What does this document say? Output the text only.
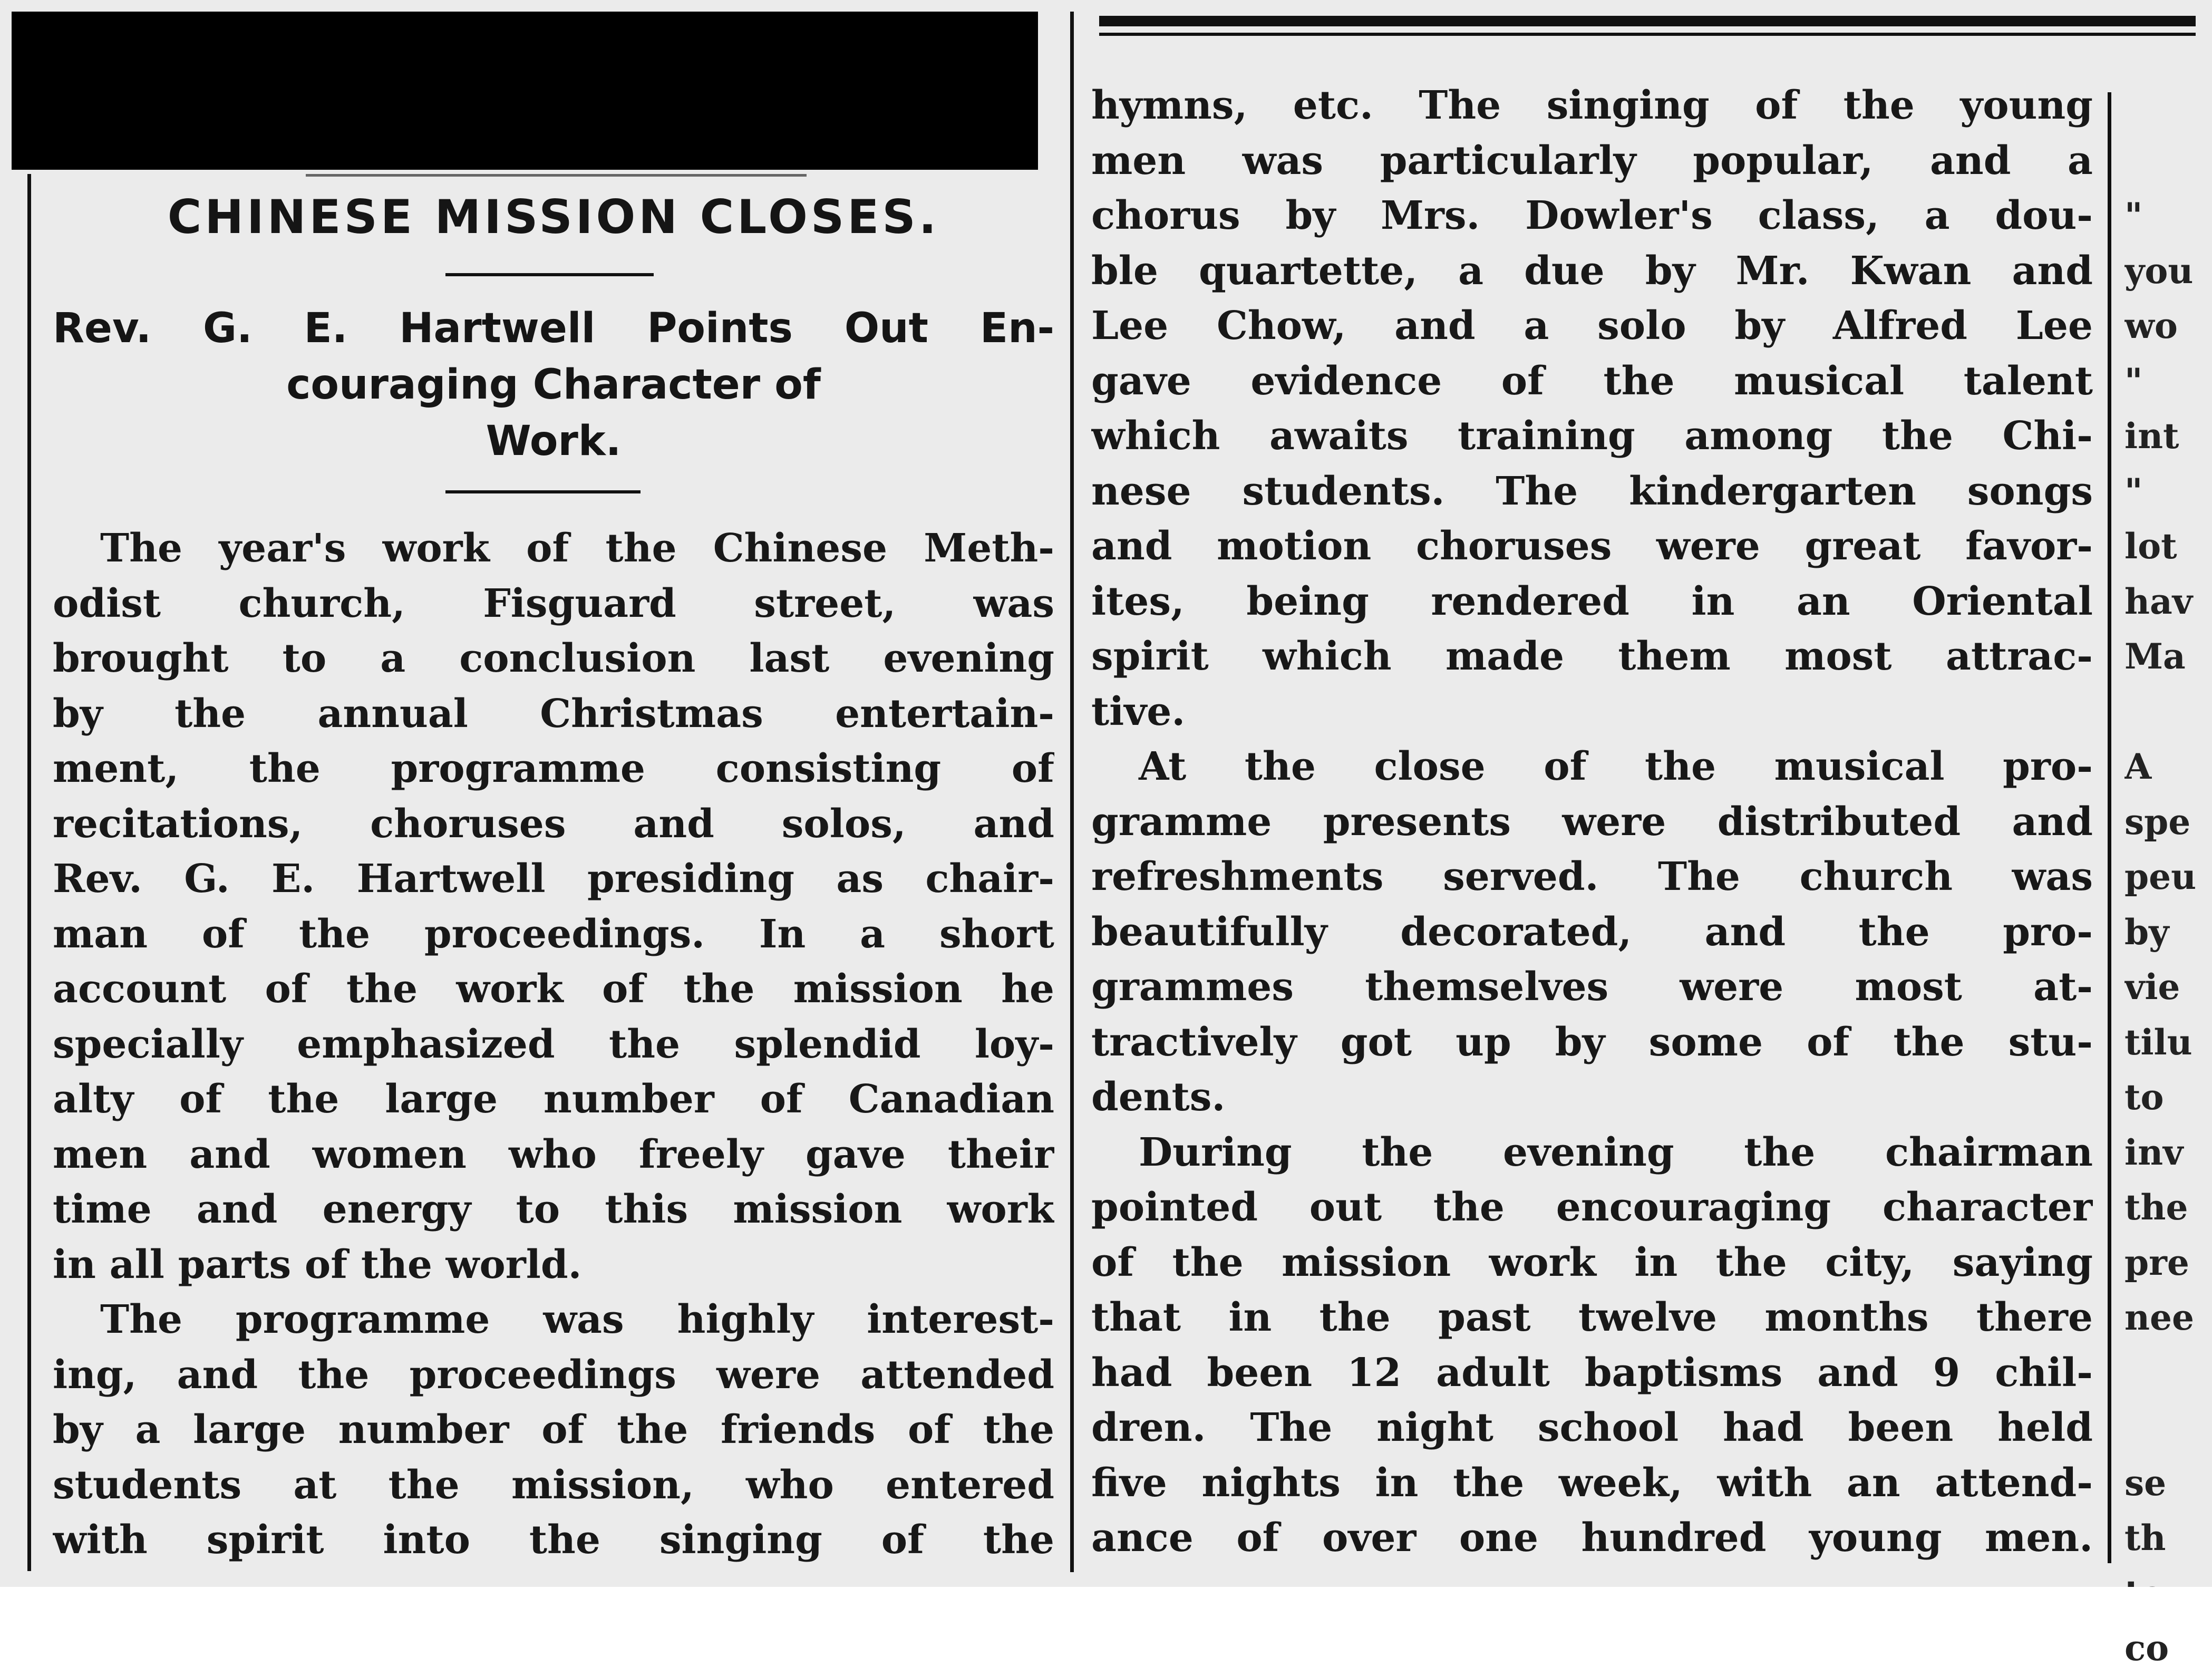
CHINESE MISSION CLOSES.
Rev. G. E. Hartwell Points Out En-
couraging Character of
Work.
The year's work of the Chinese Meth-
odist church, Fisguard street, was
brought to a conclusion last evening
by the annual Christmas entertain-
ment, the programme consisting of
recitations, choruses and solos, and
Rev. G. E. Hartwell presiding as chair-
man of the proceedings. In a short
account of the work of the mission he
specially emphasized the splendid loy-
alty of the large number of Canadian
men and women who freely gave their
time and energy to this mission work
in all parts of the world.
The programme was highly interest-
ing, and the proceedings were attended
by a large number of the friends of the
students at the mission, who entered
with spirit into the singing of the
hymns, etc. The singing of the young
men was particularly popular, and a
chorus by Mrs. Dowler's class, a dou-
ble quartette, a due by Mr. Kwan and
Lee Chow, and a solo by Alfred Lee
gave evidence of the musical talent
which awaits training among the Chi-
nese students. The kindergarten songs
and motion choruses were great favor-
ites, being rendered in an Oriental
spirit which made them most attrac-
tive.
At the close of the musical pro-
gramme presents were distributed and
refreshments served. The church was
beautifully decorated, and the pro-
grammes themselves were most at-
tractively got up by some of the stu-
dents.
During the evening the chairman
pointed out the encouraging character
of the mission work in the city, saying
that in the past twelve months there
had been 12 adult baptisms and 9 chil-
dren. The night school had been held
five nights in the week, with an attend-
ance of over one hundred young men.
"
you
wo
"
int
"
lot
hav
Ma
A
spe
peu
by
vie
tilu
to
inv
the
pre
nee
se
th
co
